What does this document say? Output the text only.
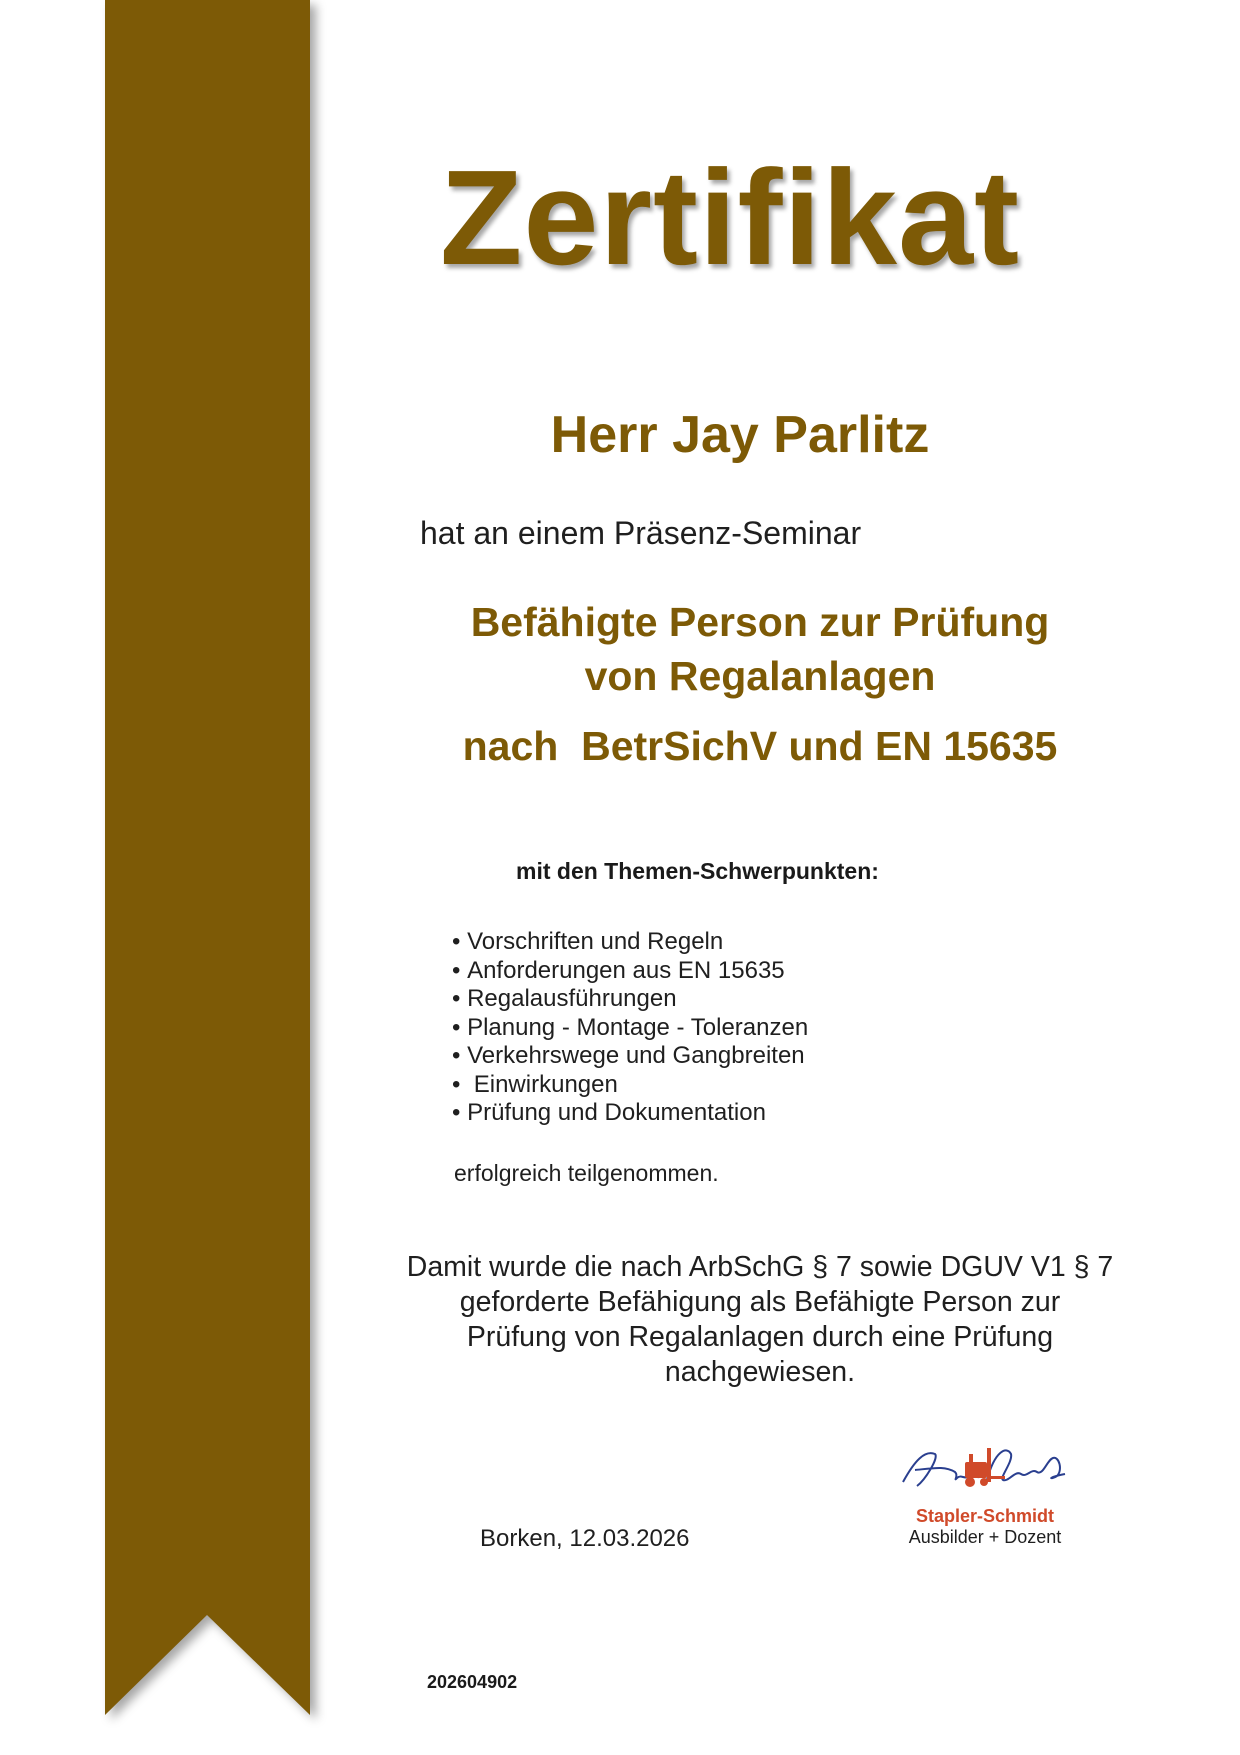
Zertifikat
Herr Jay Parlitz
hat an einem Präsenz-Seminar
Befähigte Person zur Prüfung
von Regalanlagen
nach  BetrSichV und EN 15635
mit den Themen-Schwerpunkten:
• Vorschriften und Regeln
• Anforderungen aus EN 15635
• Regalausführungen
• Planung - Montage - Toleranzen
• Verkehrswege und Gangbreiten
•  Einwirkungen
• Prüfung und Dokumentation
erfolgreich teilgenommen.
Damit wurde die nach ArbSchG § 7 sowie DGUV V1 § 7
geforderte Befähigung als Befähigte Person zur
Prüfung von Regalanlagen durch eine Prüfung
nachgewiesen.
Borken, 12.03.2026
Stapler-Schmidt
Ausbilder + Dozent
202604902
